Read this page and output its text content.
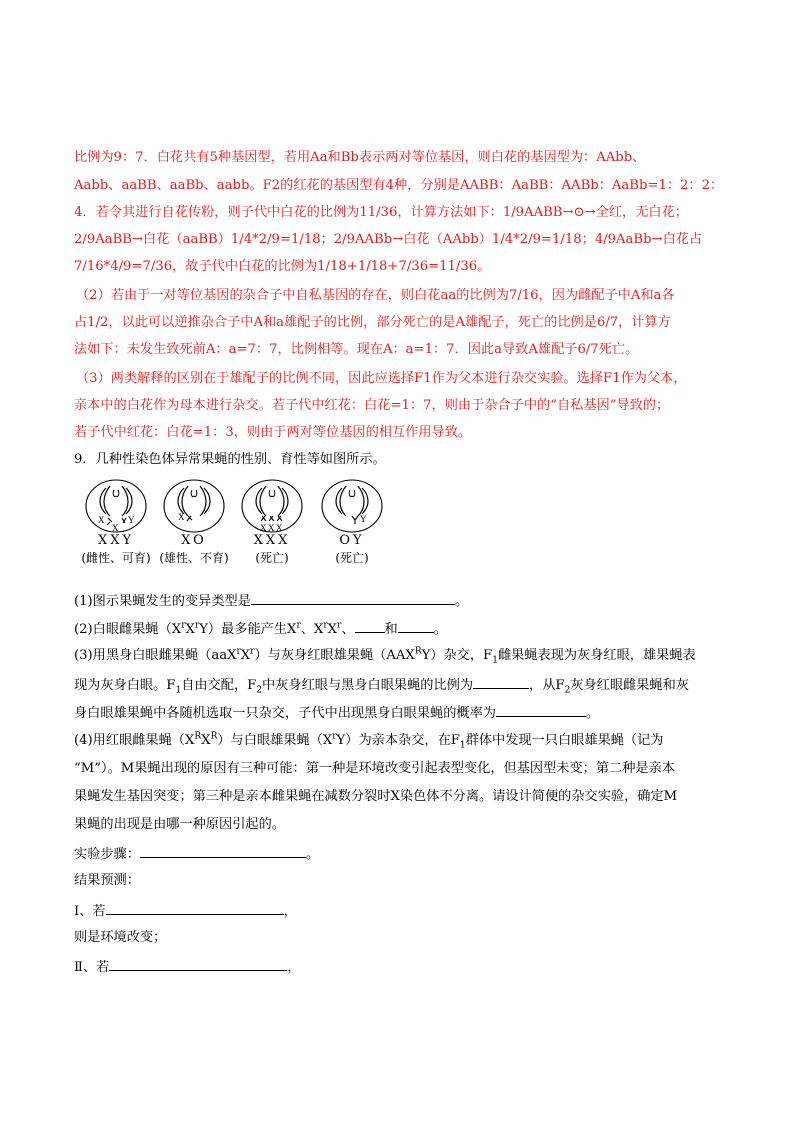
比例为9：7．白花共有5种基因型，若用Aa和Bb表示两对等位基因，则白花的基因型为：AAbb、
Aabb、aaBB、aaBb、aabb。F2的红花的基因型有4种，分别是AABB：AaBB：AABb：AaBb=1：2：2：
4．若令其进行自花传粉，则子代中白花的比例为11/36，计算方法如下：1/9AABB→⊙→全红，无白花；
2/9AaBB→白花（aaBB）1/4*2/9=1/18；2/9AABb→白花（AAbb）1/4*2/9=1/18；4/9AaBb→白花占
7/16*4/9=7/36，故子代中白花的比例为1/18+1/18+7/36=11/36。
（2）若由于一对等位基因的杂合子中自私基因的存在，则白花aa的比例为7/16，因为雌配子中A和a各
占1/2，以此可以逆推杂合子中A和a雄配子的比例，部分死亡的是A雄配子，死亡的比例是6/7，计算方
法如下：未发生致死前A：a=7：7，比例相等。现在A：a=1：7．因此a导致A雄配子6/7死亡。
（3）两类解释的区别在于雄配子的比例不同，因此应选择F1作为父本进行杂交实验。选择F1作为父本，
亲本中的白花作为母本进行杂交。若子代中红花：白花=1：7，则由于杂合子中的“自私基因”导致的；
若子代中红花：白花=1：3，则由于两对等位基因的相互作用导致。
9．几种性染色体异常果蝇的性别、育性等如图所示。
X
X
Y
XXY
(雌性、可育)
X
XO
(雄性、不育)
X X X
XXX
(死亡)
Y
OY
(死亡)
(1)图示果蝇发生的变异类型是	。
(2)白眼雌果蝇$(X^rX^rY)$最多能产生$X^r$、$X^rX^r$、 和	。
(3)用黑身白眼雌果蝇$(aaX^rX^r)$与灰身红眼雄果蝇$(AAX^RY)$杂交，$F_1$雌果蝇表现为灰身红眼，雄果蝇表
现为灰身白眼。$F_1$自由交配，$F_2$中灰身红眼与黑身白眼果蝇的比例为	，从$F_2$灰身红眼雌果蝇和灰
身白眼雄果蝇中各随机选取一只杂交，子代中出现黑身白眼果蝇的概率为	。
(4)用红眼雌果蝇$(X^RX^R)$与白眼雄果蝇$(X^rY)$为亲本杂交，在$F_1$群体中发现一只白眼雄果蝇（记为
“M”）。M果蝇出现的原因有三种可能：第一种是环境改变引起表型变化，但基因型未变；第二种是亲本
果蝇发生基因突变；第三种是亲本雌果蝇在减数分裂时X染色体不分离。请设计简便的杂交实验，确定M
果蝇的出现是由哪一种原因引起的。
实验步骤：	。
结果预测：
Ⅰ、若	，
则是环境改变；
Ⅱ、若	，
